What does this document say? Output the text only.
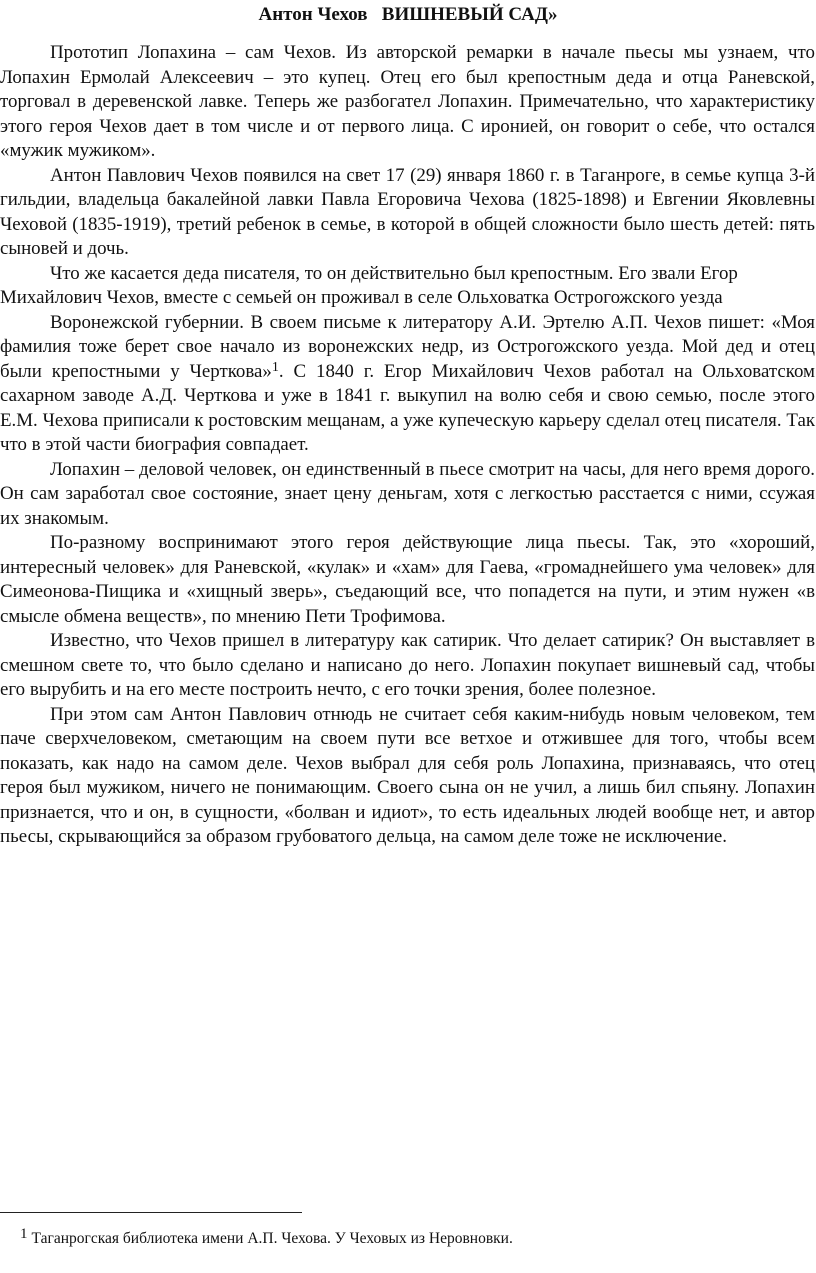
Антон Чехов   ВИШНЕВЫЙ САД»

Прототип Лопахина – сам Чехов. Из авторской ремарки в начале пьесы мы узнаем, что Лопахин Ермолай Алексеевич – это купец. Отец его был крепостным деда и отца Раневской, торговал в деревенской лавке. Теперь же разбогател Лопахин. Примечательно, что характеристику этого героя Чехов дает в том числе и от первого лица. С иронией, он говорит о себе, что остался «мужик мужиком».

Антон Павлович Чехов появился на свет 17 (29) января 1860 г. в Таганроге, в семье купца 3-й гильдии, владельца бакалейной лавки Павла Егоровича Чехова (1825-1898) и Евгении Яковлевны Чеховой (1835-1919), третий ребенок в семье, в которой в общей сложности было шесть детей: пять сыновей и дочь.

Что же касается деда писателя, то он действительно был крепостным. Его звали Егор

Михайлович Чехов, вместе с семьей он проживал в селе Ольховатка Острогожского уезда

Воронежской губернии. В своем письме к литератору А.И. Эртелю А.П. Чехов пишет: «Моя фамилия тоже берет свое начало из воронежских недр, из Острогожского уезда. Мой дед и отец были крепостными у Черткова»$^1$. С 1840 г. Егор Михайлович Чехов работал на Ольховатском сахарном заводе А.Д. Черткова и уже в 1841 г. выкупил на волю себя и свою семью, после этого Е.М. Чехова приписали к ростовским мещанам, а уже купеческую карьеру сделал отец писателя. Так что в этой части биография совпадает.

Лопахин – деловой человек, он единственный в пьесе смотрит на часы, для него время дорого. Он сам заработал свое состояние, знает цену деньгам, хотя с легкостью расстается с ними, ссужая их знакомым.

По-разному воспринимают этого героя действующие лица пьесы. Так, это «хороший, интересный человек» для Раневской, «кулак» и «хам» для Гаева, «громаднейшего ума человек» для Симеонова-Пищика и «хищный зверь», съедающий все, что попадется на пути, и этим нужен «в смысле обмена веществ», по мнению Пети Трофимова.

Известно, что Чехов пришел в литературу как сатирик. Что делает сатирик? Он выставляет в смешном свете то, что было сделано и написано до него. Лопахин покупает вишневый сад, чтобы его вырубить и на его месте построить нечто, с его точки зрения, более полезное.

При этом сам Антон Павлович отнюдь не считает себя каким-нибудь новым человеком, тем паче сверхчеловеком, сметающим на своем пути все ветхое и отжившее для того, чтобы всем показать, как надо на самом деле. Чехов выбрал для себя роль Лопахина, признаваясь, что отец героя был мужиком, ничего не понимающим. Своего сына он не учил, а лишь бил спьяну. Лопахин признается, что и он, в сущности, «болван и идиот», то есть идеальных людей вообще нет, и автор пьесы, скрывающийся за образом грубоватого дельца, на самом деле тоже не исключение.

1 Таганрогская библиотека имени А.П. Чехова. У Чеховых из Неровновки.
